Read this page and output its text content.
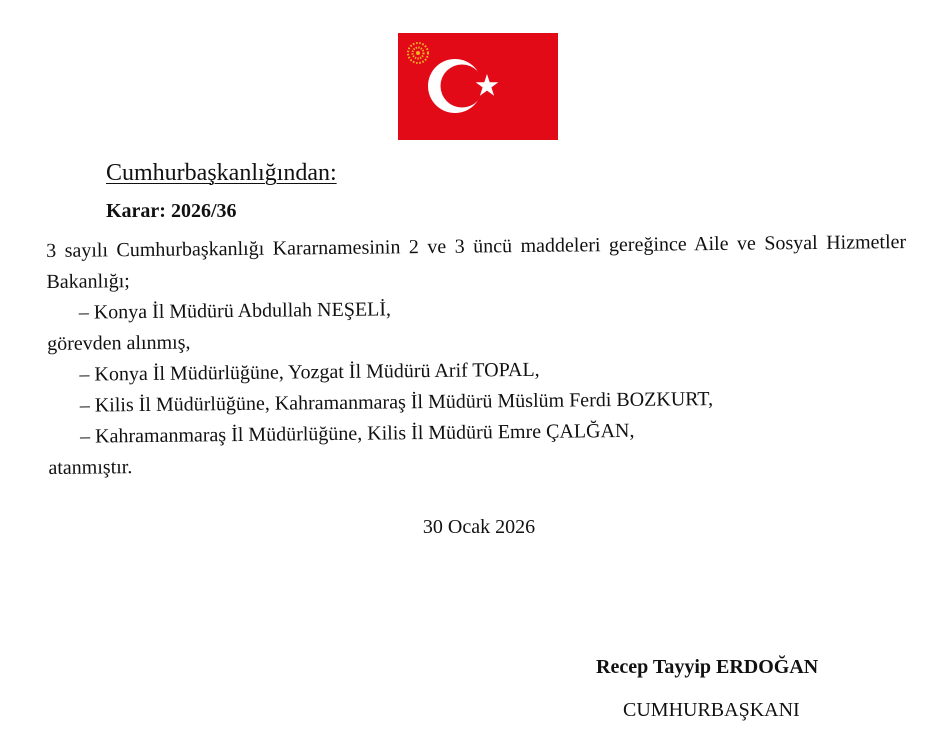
Cumhurbaşkanlığından:
Karar: 2026/36

3 sayılı Cumhurbaşkanlığı Kararnamesinin 2 ve 3 üncü maddeleri gereğince Aile ve Sosyal Hizmetler Bakanlığı;

– Konya İl Müdürü Abdullah NEŞELİ,
görevden alınmış,
– Konya İl Müdürlüğüne, Yozgat İl Müdürü Arif TOPAL,
– Kilis İl Müdürlüğüne, Kahramanmaraş İl Müdürü Müslüm Ferdi BOZKURT,
– Kahramanmaraş İl Müdürlüğüne, Kilis İl Müdürü Emre ÇALĞAN,
atanmıştır.
30 Ocak 2026
Recep Tayyip ERDOĞAN
CUMHURBAŞKANI
